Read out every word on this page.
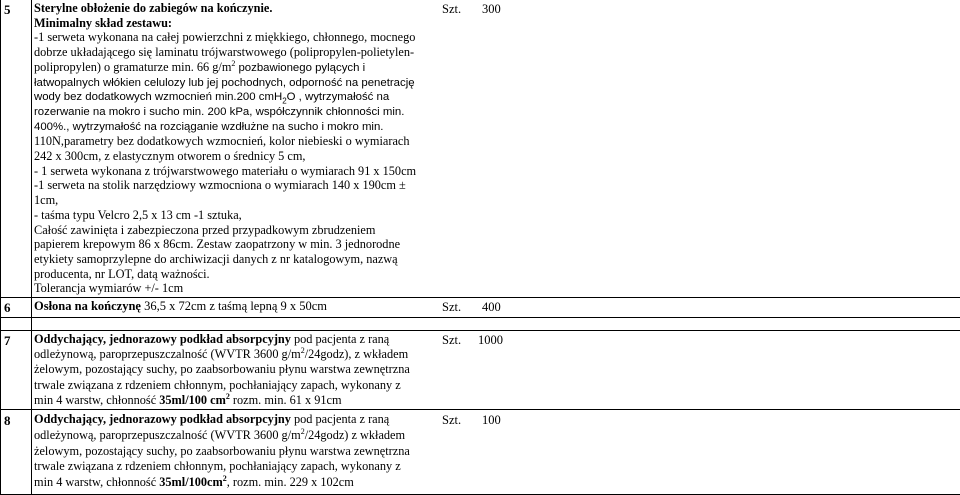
5 Sterylne obłożenie do zabiegów na kończynie.
Minimalny skład zestawu:
-1 serweta wykonana na całej powierzchni z miękkiego, chłonnego, mocnego
dobrze układającego się laminatu trójwarstwowego (polipropylen-polietylen-
polipropylen) o gramaturze min. 66 $g/m^2$ pozbawionego pylących i
łatwopalnych włókien celulozy lub jej pochodnych, odporność na penetrację
wody bez dodatkowych wzmocnień min.200 cmH$_2$O , wytrzymałość na
rozerwanie na mokro i sucho min. 200 kPa, współczynnik chłonności min.
400%., wytrzymałość na rozciąganie wzdłużne na sucho i mokro min.
110N,parametry bez dodatkowych wzmocnień, kolor niebieski o wymiarach
242 x 300cm, z elastycznym otworem o średnicy 5 cm,
- 1 serweta wykonana z trójwarstwowego materiału o wymiarach 91 x 150cm
-1 serweta na stolik narzędziowy wzmocniona o wymiarach 140 x 190cm ±
1cm,
- taśma typu Velcro 2,5 x 13 cm -1 sztuka,
Całość zawinięta i zabezpieczona przed przypadkowym zbrudzeniem
papierem krepowym 86 x 86cm. Zestaw zaopatrzony w min. 3 jednorodne
etykiety samoprzylepne do archiwizacji danych z nr katalogowym, nazwą
producenta, nr LOT, datą ważności.
Tolerancja wymiarów +/- 1cm
Szt. 300
6 Osłona na kończynę 36,5 x 72cm z taśmą lepną 9 x 50cm	Szt. 400
7 Oddychający, jednorazowy podkład absorpcyjny pod pacjenta z raną
odleżynową, paroprzepuszczalność (WVTR 3600 $g/m^2/24godz$), z wkładem
żelowym, pozostający suchy, po zaabsorbowaniu płynu warstwa zewnętrzna
trwale związana z rdzeniem chłonnym, pochłaniający zapach, wykonany z
min 4 warstw, chłonność 35ml/100 $cm^2$ rozm. min. 61 x 91cm
Szt. 1000
8 Oddychający, jednorazowy podkład absorpcyjny pod pacjenta z raną
odleżynową, paroprzepuszczalność (WVTR 3600 $g/m^2/24godz$) z wkładem
żelowym, pozostający suchy, po zaabsorbowaniu płynu warstwa zewnętrzna
trwale związana z rdzeniem chłonnym, pochłaniający zapach, wykonany z
min 4 warstw, chłonność $35ml/100cm^2$, rozm. min. 229 x 102cm
Szt. 100
